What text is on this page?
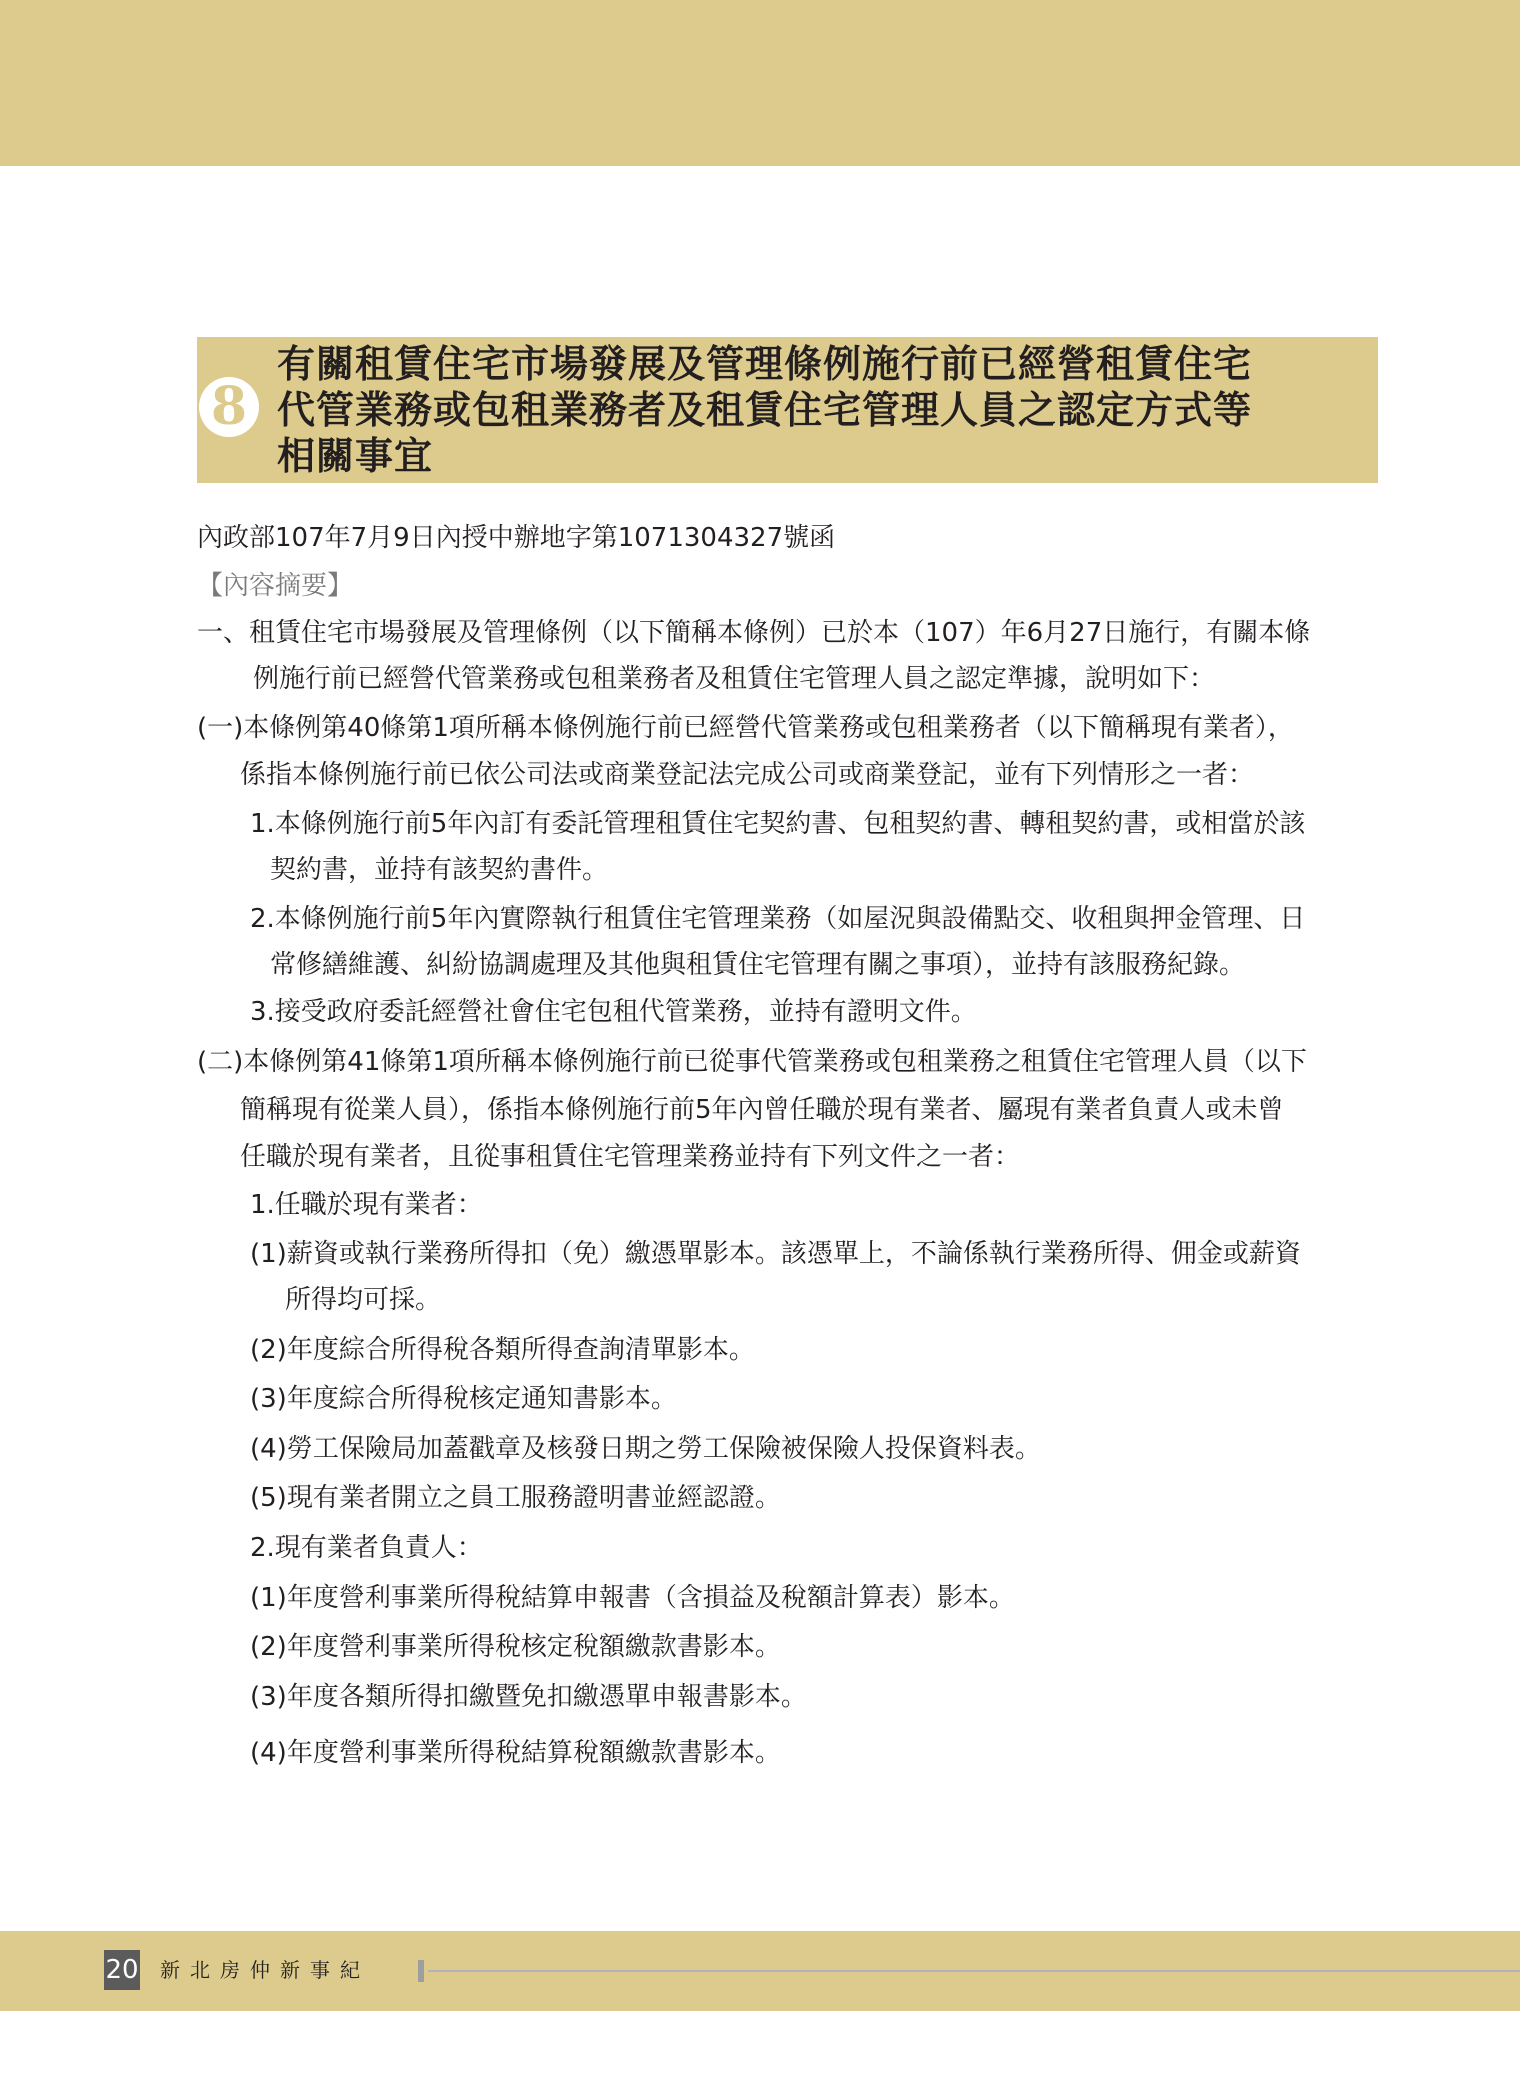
8
有關租賃住宅市場發展及管理條例施行前已經營租賃住宅
代管業務或包租業務者及租賃住宅管理人員之認定方式等
相關事宜
內政部107年7月9日內授中辦地字第1071304327號函
【內容摘要】
一、租賃住宅市場發展及管理條例（以下簡稱本條例）已於本（107）年6月27日施行，有關本條
例施行前已經營代管業務或包租業務者及租賃住宅管理人員之認定準據，說明如下：
(一)本條例第40條第1項所稱本條例施行前已經營代管業務或包租業務者（以下簡稱現有業者），
係指本條例施行前已依公司法或商業登記法完成公司或商業登記，並有下列情形之一者：
1.本條例施行前5年內訂有委託管理租賃住宅契約書、包租契約書、轉租契約書，或相當於該
契約書，並持有該契約書件。
2.本條例施行前5年內實際執行租賃住宅管理業務（如屋況與設備點交、收租與押金管理、日
常修繕維護、糾紛協調處理及其他與租賃住宅管理有關之事項），並持有該服務紀錄。
3.接受政府委託經營社會住宅包租代管業務，並持有證明文件。
(二)本條例第41條第1項所稱本條例施行前已從事代管業務或包租業務之租賃住宅管理人員（以下
簡稱現有從業人員），係指本條例施行前5年內曾任職於現有業者、屬現有業者負責人或未曾
任職於現有業者，且從事租賃住宅管理業務並持有下列文件之一者：
1.任職於現有業者：
(1)薪資或執行業務所得扣（免）繳憑單影本。該憑單上，不論係執行業務所得、佣金或薪資
所得均可採。
(2)年度綜合所得稅各類所得查詢清單影本。
(3)年度綜合所得稅核定通知書影本。
(4)勞工保險局加蓋戳章及核發日期之勞工保險被保險人投保資料表。
(5)現有業者開立之員工服務證明書並經認證。
2.現有業者負責人：
(1)年度營利事業所得稅結算申報書（含損益及稅額計算表）影本。
(2)年度營利事業所得稅核定稅額繳款書影本。
(3)年度各類所得扣繳暨免扣繳憑單申報書影本。
(4)年度營利事業所得稅結算稅額繳款書影本。
20 新北房仲新事紀
